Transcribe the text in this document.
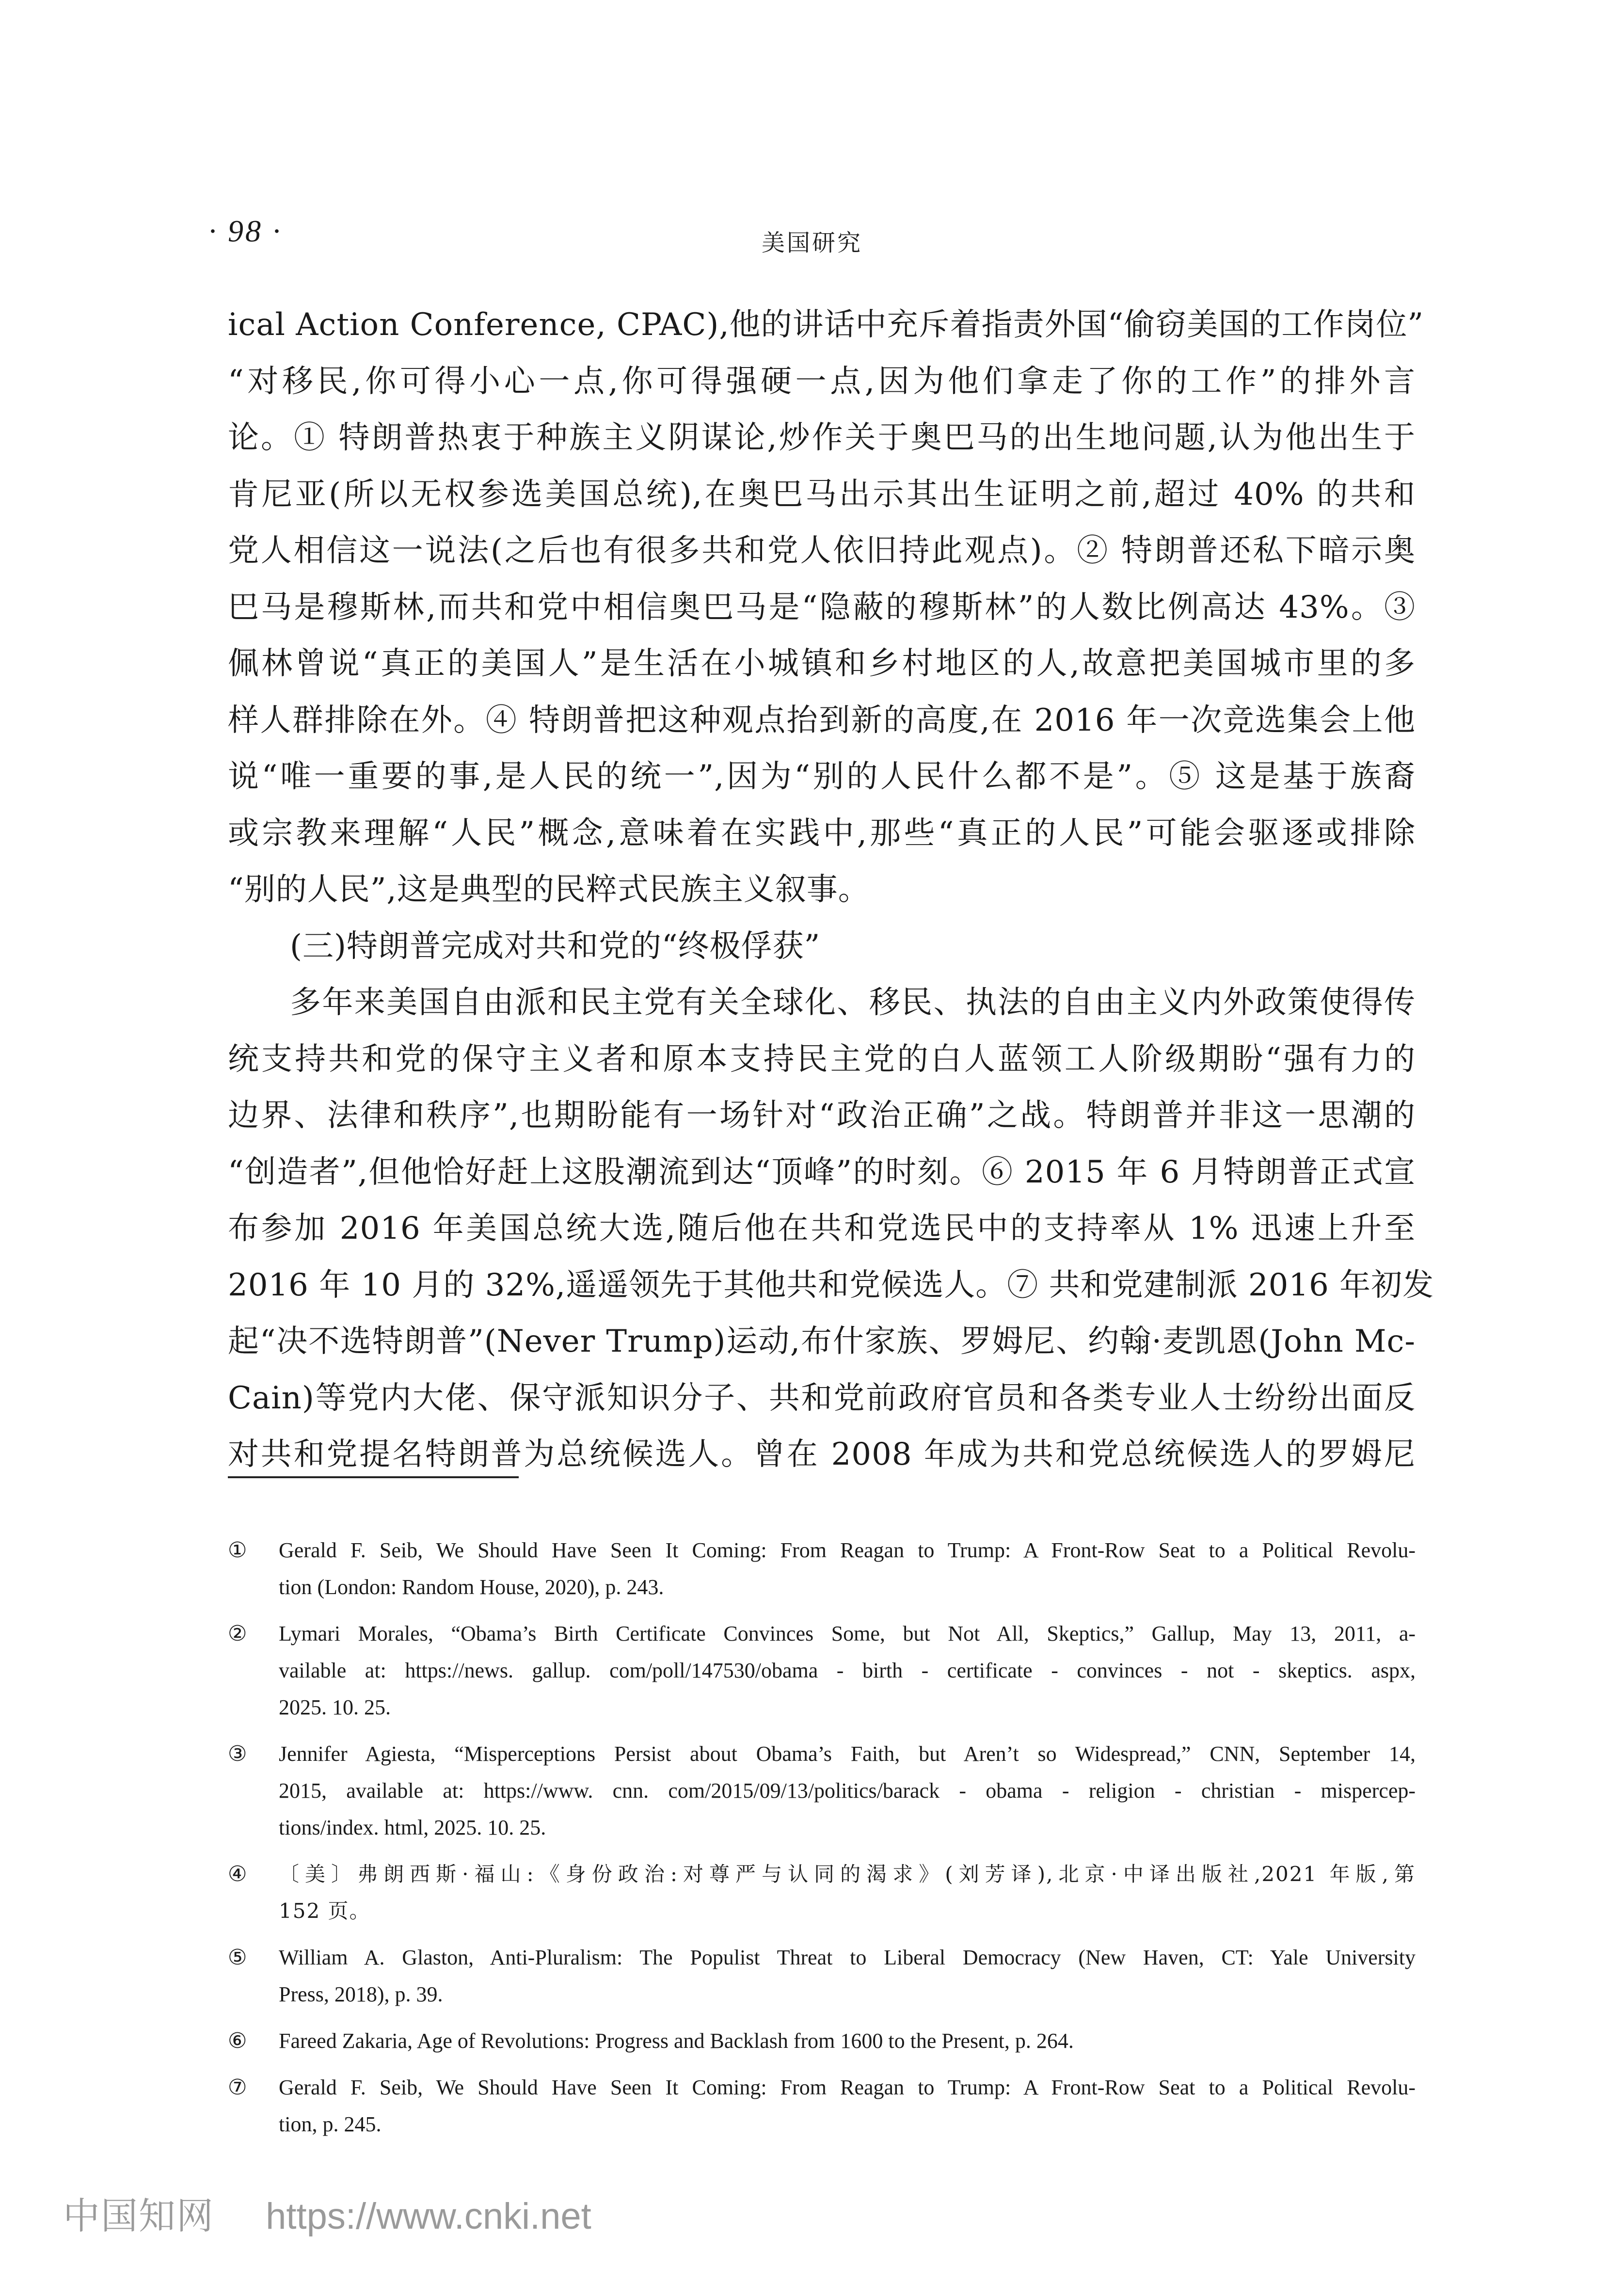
· 98 ·	美国研究
ical Action Conference, CPAC),他的讲话中充斥着指责外国“偷窃美国的工作岗位”
“对移民,你可得小心一点,你可得强硬一点,因为他们拿走了你的工作”的排外言
论。① 特朗普热衷于种族主义阴谋论,炒作关于奥巴马的出生地问题,认为他出生于
肯尼亚(所以无权参选美国总统),在奥巴马出示其出生证明之前,超过 40% 的共和
党人相信这一说法(之后也有很多共和党人依旧持此观点)。② 特朗普还私下暗示奥
巴马是穆斯林,而共和党中相信奥巴马是“隐蔽的穆斯林”的人数比例高达 43%。③
佩林曾说“真正的美国人”是生活在小城镇和乡村地区的人,故意把美国城市里的多
样人群排除在外。④ 特朗普把这种观点抬到新的高度,在 2016 年一次竞选集会上他
说“唯一重要的事,是人民的统一”,因为“别的人民什么都不是”。⑤ 这是基于族裔
或宗教来理解“人民”概念,意味着在实践中,那些“真正的人民”可能会驱逐或排除
“别的人民”,这是典型的民粹式民族主义叙事。
(三)特朗普完成对共和党的“终极俘获”
多年来美国自由派和民主党有关全球化、移民、执法的自由主义内外政策使得传
统支持共和党的保守主义者和原本支持民主党的白人蓝领工人阶级期盼“强有力的
边界、法律和秩序”,也期盼能有一场针对“政治正确”之战。特朗普并非这一思潮的
“创造者”,但他恰好赶上这股潮流到达“顶峰”的时刻。⑥ 2015 年 6 月特朗普正式宣
布参加 2016 年美国总统大选,随后他在共和党选民中的支持率从 1% 迅速上升至
2016 年 10 月的 32%,遥遥领先于其他共和党候选人。⑦ 共和党建制派 2016 年初发
起“决不选特朗普”(Never Trump)运动,布什家族、罗姆尼、约翰·麦凯恩(John Mc-
Cain)等党内大佬、保守派知识分子、共和党前政府官员和各类专业人士纷纷出面反
对共和党提名特朗普为总统候选人。曾在 2008 年成为共和党总统候选人的罗姆尼
① Gerald F. Seib, We Should Have Seen It Coming: From Reagan to Trump: A Front-Row Seat to a Political Revolu-
tion (London: Random House, 2020), p. 243.
② Lymari Morales, “Obama’s Birth Certificate Convinces Some, but Not All, Skeptics,” Gallup, May 13, 2011, a-
vailable at: https://news. gallup. com/poll/147530/obama - birth - certificate - convinces - not - skeptics. aspx,
2025. 10. 25.
③ Jennifer Agiesta, “Misperceptions Persist about Obama’s Faith, but Aren’t so Widespread,” CNN, September 14,
2015, available at: https://www. cnn. com/2015/09/13/politics/barack - obama - religion - christian - mispercep-
tions/index. html, 2025. 10. 25.
④ 〔美〕弗朗西斯·福山:《身份政治:对尊严与认同的渴求》(刘芳译),北京·中译出版社,2021 年版,第
152 页。
⑤ William A. Glaston, Anti-Pluralism: The Populist Threat to Liberal Democracy (New Haven, CT: Yale University
Press, 2018), p. 39.
⑥ Fareed Zakaria, Age of Revolutions: Progress and Backlash from 1600 to the Present, p. 264.
⑦ Gerald F. Seib, We Should Have Seen It Coming: From Reagan to Trump: A Front-Row Seat to a Political Revolu-
tion, p. 245.
中国知网 https://www.cnki.net
